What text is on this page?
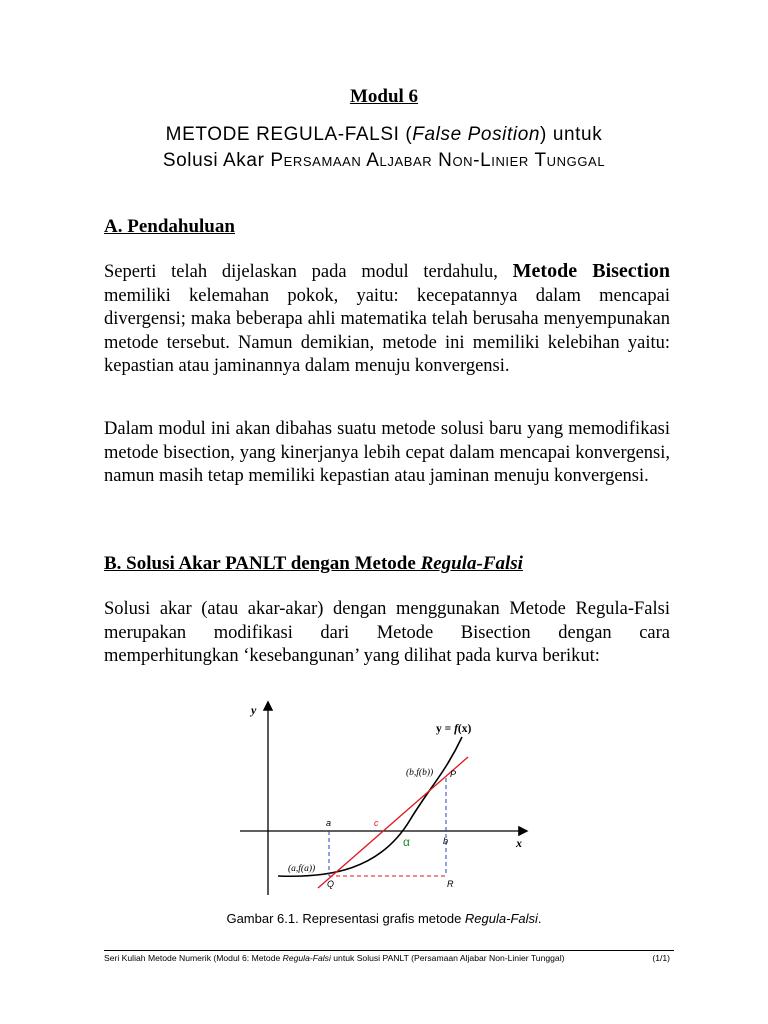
Modul 6
METODE REGULA-FALSI (False Position) untuk
Solusi Akar Persamaan Aljabar Non-Linier Tunggal
A. Pendahuluan

Seperti telah dijelaskan pada modul terdahulu, Metode Bisection memiliki kelemahan pokok, yaitu: kecepatannya dalam mencapai divergensi; maka beberapa ahli matematika telah berusaha menyempunakan metode tersebut. Namun demikian, metode ini memiliki kelebihan yaitu: kepastian atau jaminannya dalam menuju konvergensi.

Dalam modul ini akan dibahas suatu metode solusi baru yang memodifikasi metode bisection, yang kinerjanya lebih cepat dalam mencapai konvergensi, namun masih tetap memiliki kepastian atau jaminan menuju konvergensi.

B. Solusi Akar PANLT dengan Metode Regula-Falsi

Solusi akar (atau akar-akar) dengan menggunakan Metode Regula-Falsi merupakan modifikasi dari Metode Bisection dengan cara memperhitungkan ‘kesebangunan’ yang dilihat pada kurva berikut:

y
x
y = f(x)
(b,f(b))
(a,f(a))
a	c
b
α
P
Q	R
Gambar 6.1. Representasi grafis metode Regula-Falsi.
Seri Kuliah Metode Numerik (Modul 6: Metode Regula-Falsi untuk Solusi PANLT (Persamaan Aljabar Non-Linier Tunggal)	(1/1)
